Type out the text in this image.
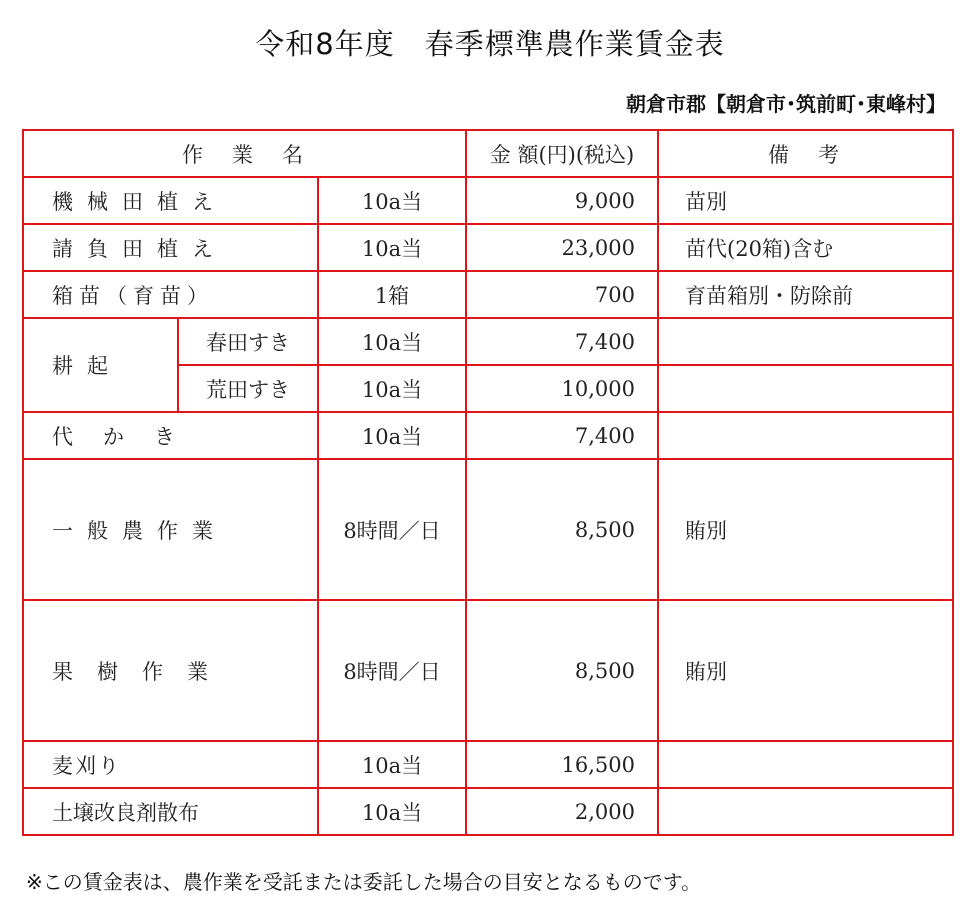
令和8年度　春季標準農作業賃金表
朝倉市郡【朝倉市･筑前町･東峰村】
作　業　名			金 額(円)(税込)	備　考
機械田植え		10a当	9,000	苗別
請負田植え		10a当	23,000	苗代(20箱)含む
箱苗（育苗）		1箱	700	育苗箱別・防除前
耕起	春田すき	10a当	7,400	
	荒田すき	10a当	10,000	
代かき		10a当	7,400	
一般農作業		8時間／日	8,500	賄別
果樹作業		8時間／日	8,500	賄別
麦刈り		10a当	16,500	
土壌改良剤散布		10a当	2,000	
※この賃金表は、農作業を受託または委託した場合の目安となるものです。
